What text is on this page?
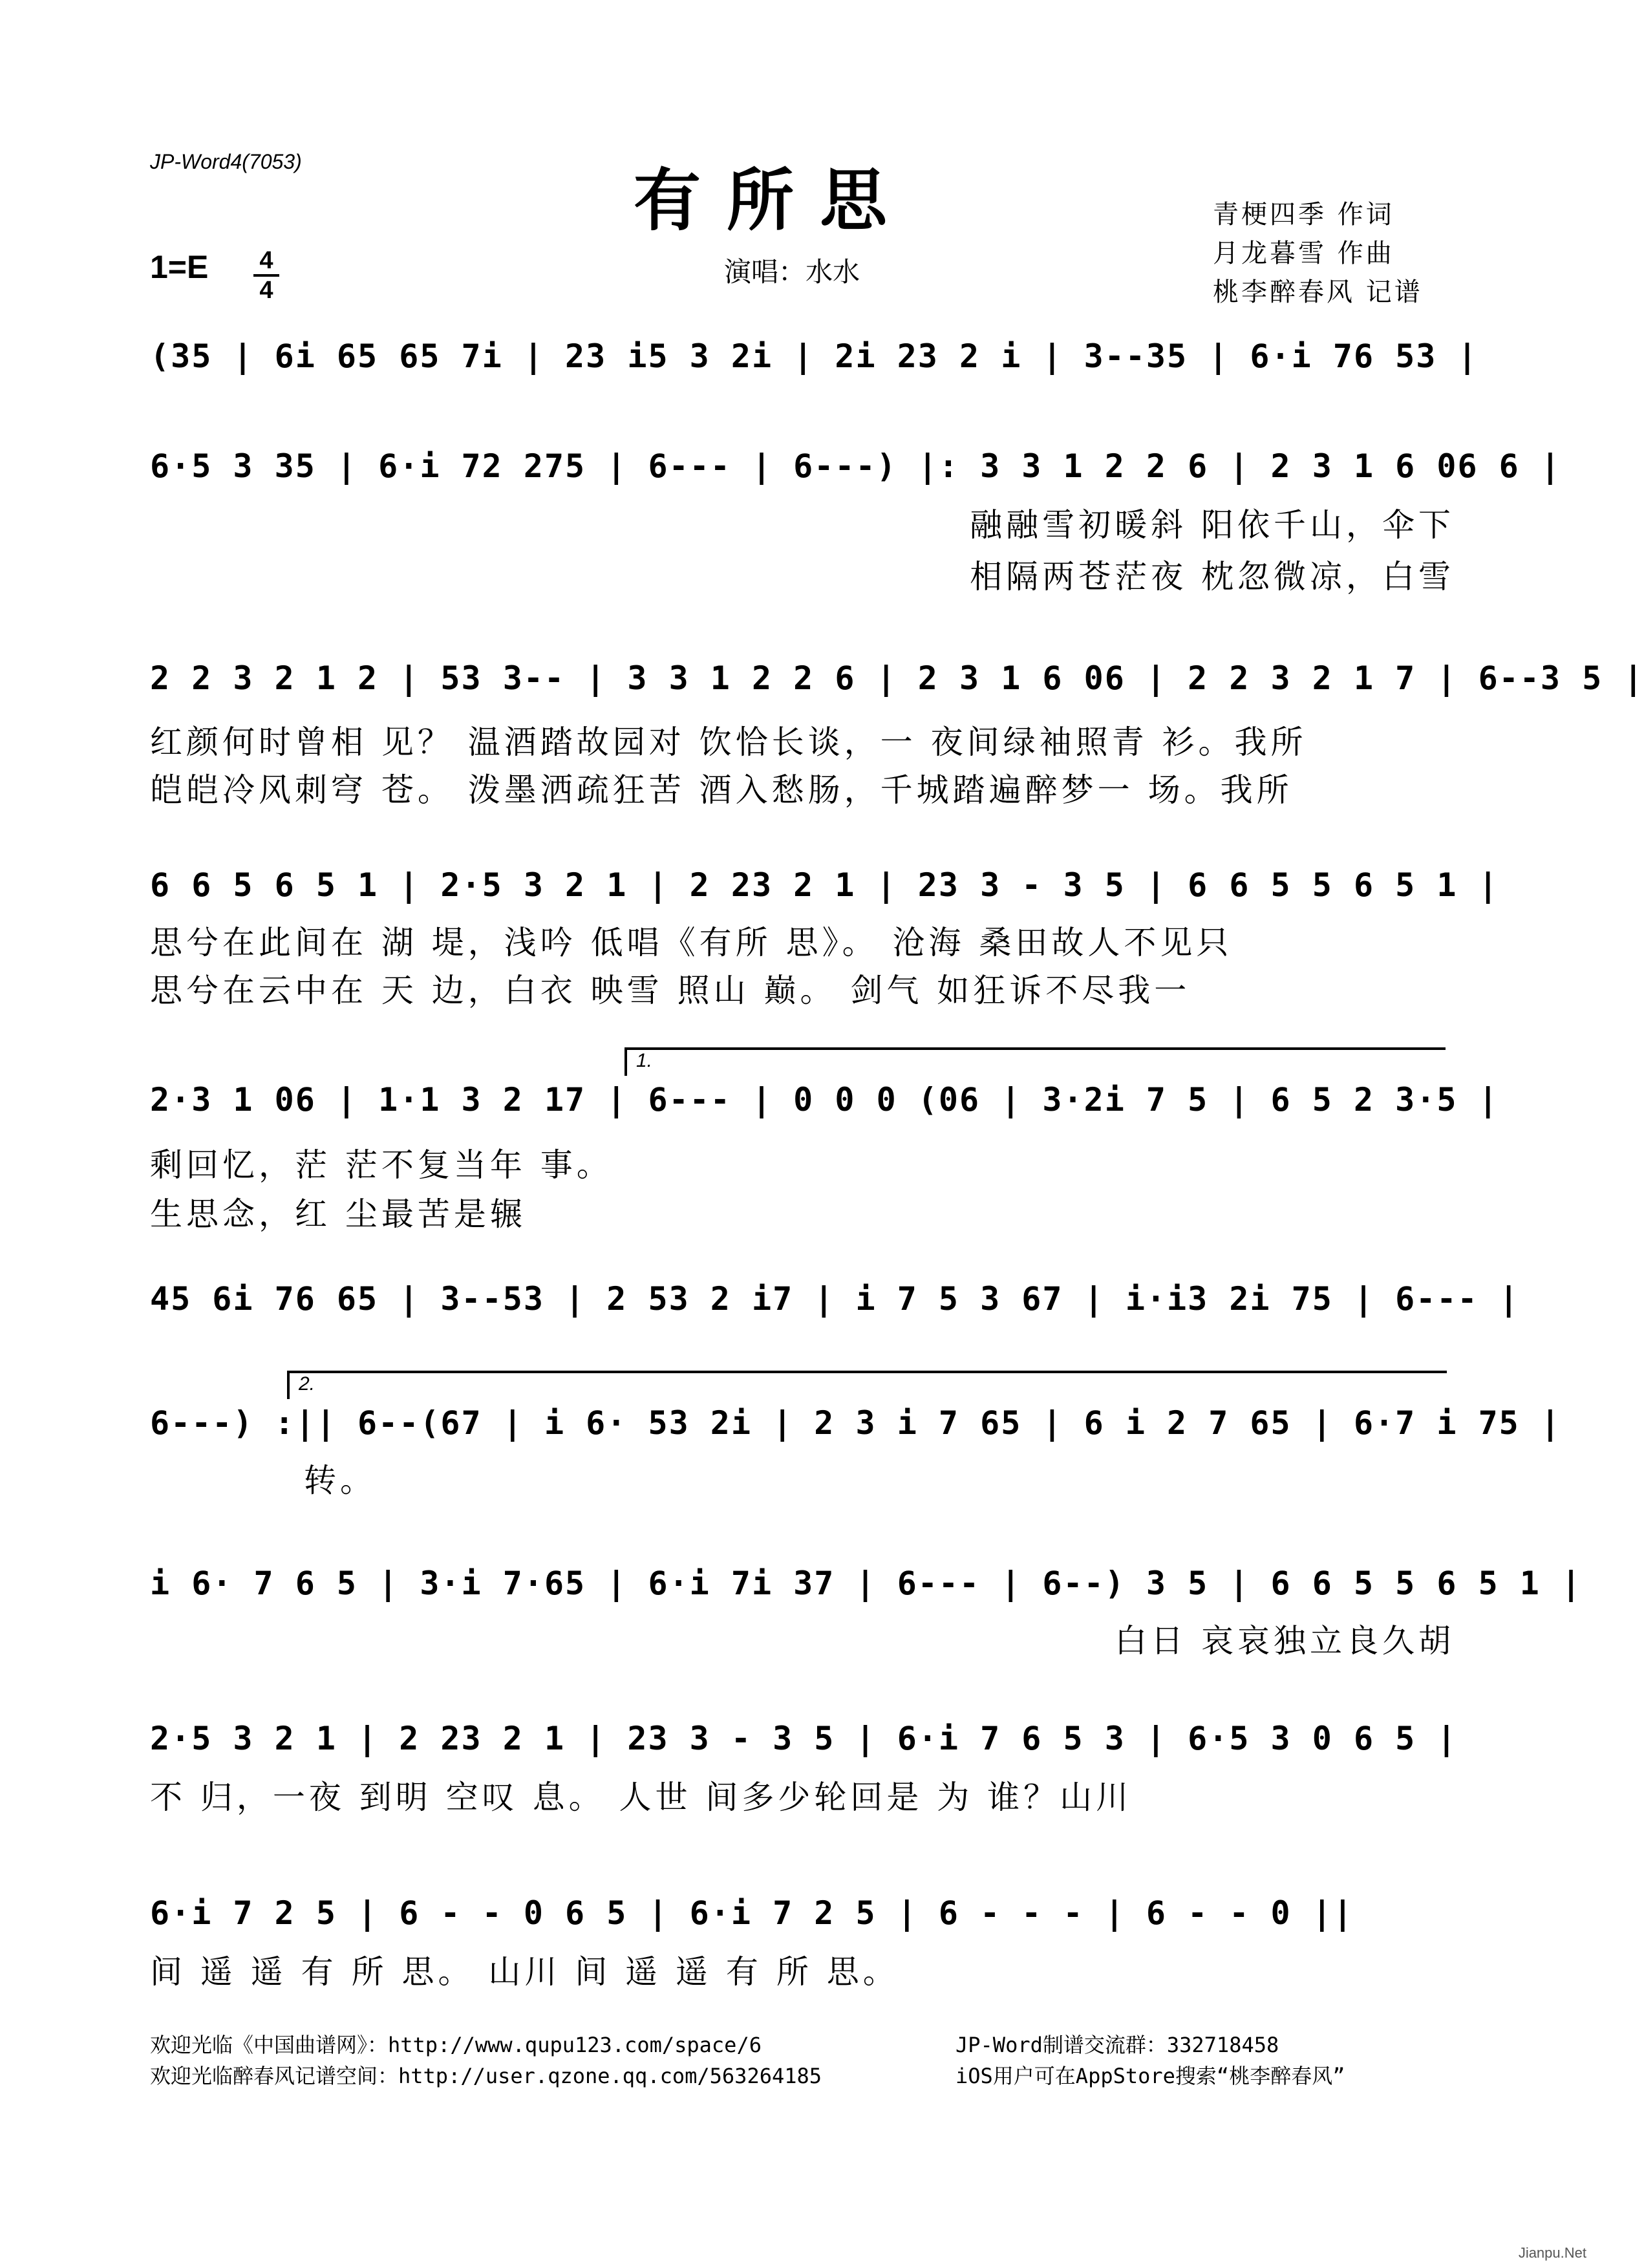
JP-Word4(7053)	有所思	青梗四季 作词
月龙暮雪 作曲
桃李醉春风 记谱
1=E 4
4
演唱：水水
(35 | 6i 65 65 7i | 23 i5 3 2i | 2i 23 2 i | 3--35 | 6·i 76 53 |
6·5 3 35 | 6·i 72 275 | 6--- | 6---) |: 3 3 1 2 2 6 | 2 3 1 6 06 6 |
融融雪初暖斜 阳依千山，伞下
相隔两苍茫夜 枕忽微凉，白雪
2 2 3 2 1 2 | 53 3-- | 3 3 1 2 2 6 | 2 3 1 6 06 | 2 2 3 2 1 7 | 6--3 5 |
红颜何时曾相 见？ 温酒踏故园对 饮恰长谈，一 夜间绿袖照青 衫。我所
皑皑冷风刺穹 苍。 泼墨洒疏狂苦 酒入愁肠，千城踏遍醉梦一 场。我所
6 6 5 6 5 1 | 2·5 3 2 1 | 2 23 2 1 | 23 3 - 3 5 | 6 6 5 5 6 5 1 |
思兮在此间在 湖 堤，浅吟 低唱《有所 思》。 沧海 桑田故人不见只
思兮在云中在 天 边，白衣 映雪 照山 巅。 剑气 如狂诉不尽我一
1.
2·3 1 06 | 1·1 3 2 17 | 6--- | 0 0 0 (06 | 3·2i 7 5 | 6 5 2 3·5 |
剩回忆，茫 茫不复当年 事。
生思念，红 尘最苦是辗
45 6i 76 65 | 3--53 | 2 53 2 i7 | i 7 5 3 67 | i·i3 2i 75 | 6--- |
2.
6---) :|| 6--(67 | i 6· 53 2i | 2 3 i 7 65 | 6 i 2 7 65 | 6·7 i 75 |
转。
i 6· 7 6 5 | 3·i 7·65 | 6·i 7i 37 | 6--- | 6--) 3 5 | 6 6 5 5 6 5 1 |
白日 哀哀独立良久胡
2·5 3 2 1 | 2 23 2 1 | 23 3 - 3 5 | 6·i 7 6 5 3 | 6·5 3 0 6 5 |
不 归，一夜 到明 空叹 息。 人世 间多少轮回是 为 谁？山川
6·i 7 2 5 | 6 - - 0 6 5 | 6·i 7 2 5 | 6 - - - | 6 - - 0 ||
间 遥 遥 有 所 思。 山川 间 遥 遥 有 所 思。
欢迎光临《中国曲谱网》：http://www.qupu123.com/space/6
欢迎光临醉春风记谱空间：http://user.qzone.qq.com/563264185
JP-Word制谱交流群：332718458
iOS用户可在AppStore搜索“桃李醉春风”
Jianpu.Net
